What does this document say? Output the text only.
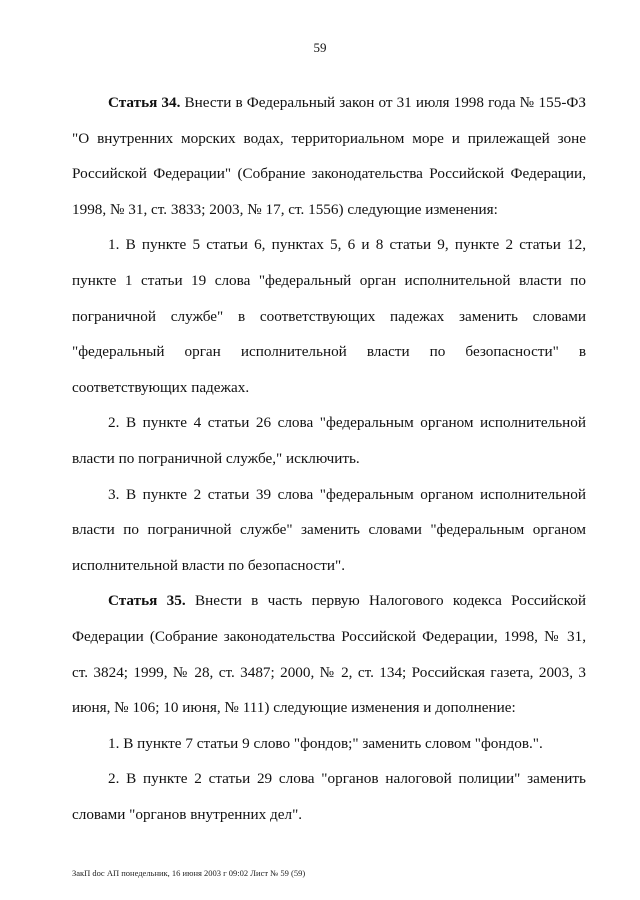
59

Статья 34. Внести в Федеральный закон от 31 июля 1998 года № 155-ФЗ "О внутренних морских водах, территориальном море и прилежащей зоне Российской Федерации" (Собрание законодательства Российской Федерации, 1998, № 31, ст. 3833; 2003, № 17, ст. 1556) следующие изменения:

1. В пункте 5 статьи 6, пунктах 5, 6 и 8 статьи 9, пункте 2 статьи 12, пункте 1 статьи 19 слова "федеральный орган исполнительной власти по пограничной службе" в соответствующих падежах заменить словами "федеральный орган исполнительной власти по безопасности" в соответствующих падежах.

2. В пункте 4 статьи 26 слова "федеральным органом исполнительной власти по пограничной службе," исключить.

3. В пункте 2 статьи 39 слова "федеральным органом исполнительной власти по пограничной службе" заменить словами "федеральным органом исполнительной власти по безопасности".

Статья 35. Внести в часть первую Налогового кодекса Российской Федерации (Собрание законодательства Российской Федерации, 1998, № 31, ст. 3824; 1999, № 28, ст. 3487; 2000, № 2, ст. 134; Российская газета, 2003, 3 июня, № 106; 10 июня, № 111) следующие изменения и дополнение:

1. В пункте 7 статьи 9 слово "фондов;" заменить словом "фондов.".

2. В пункте 2 статьи 29 слова "органов налоговой полиции" заменить словами "органов внутренних дел".

ЗакП doc АП понедельник, 16 июня 2003 г 09:02 Лист № 59 (59)
